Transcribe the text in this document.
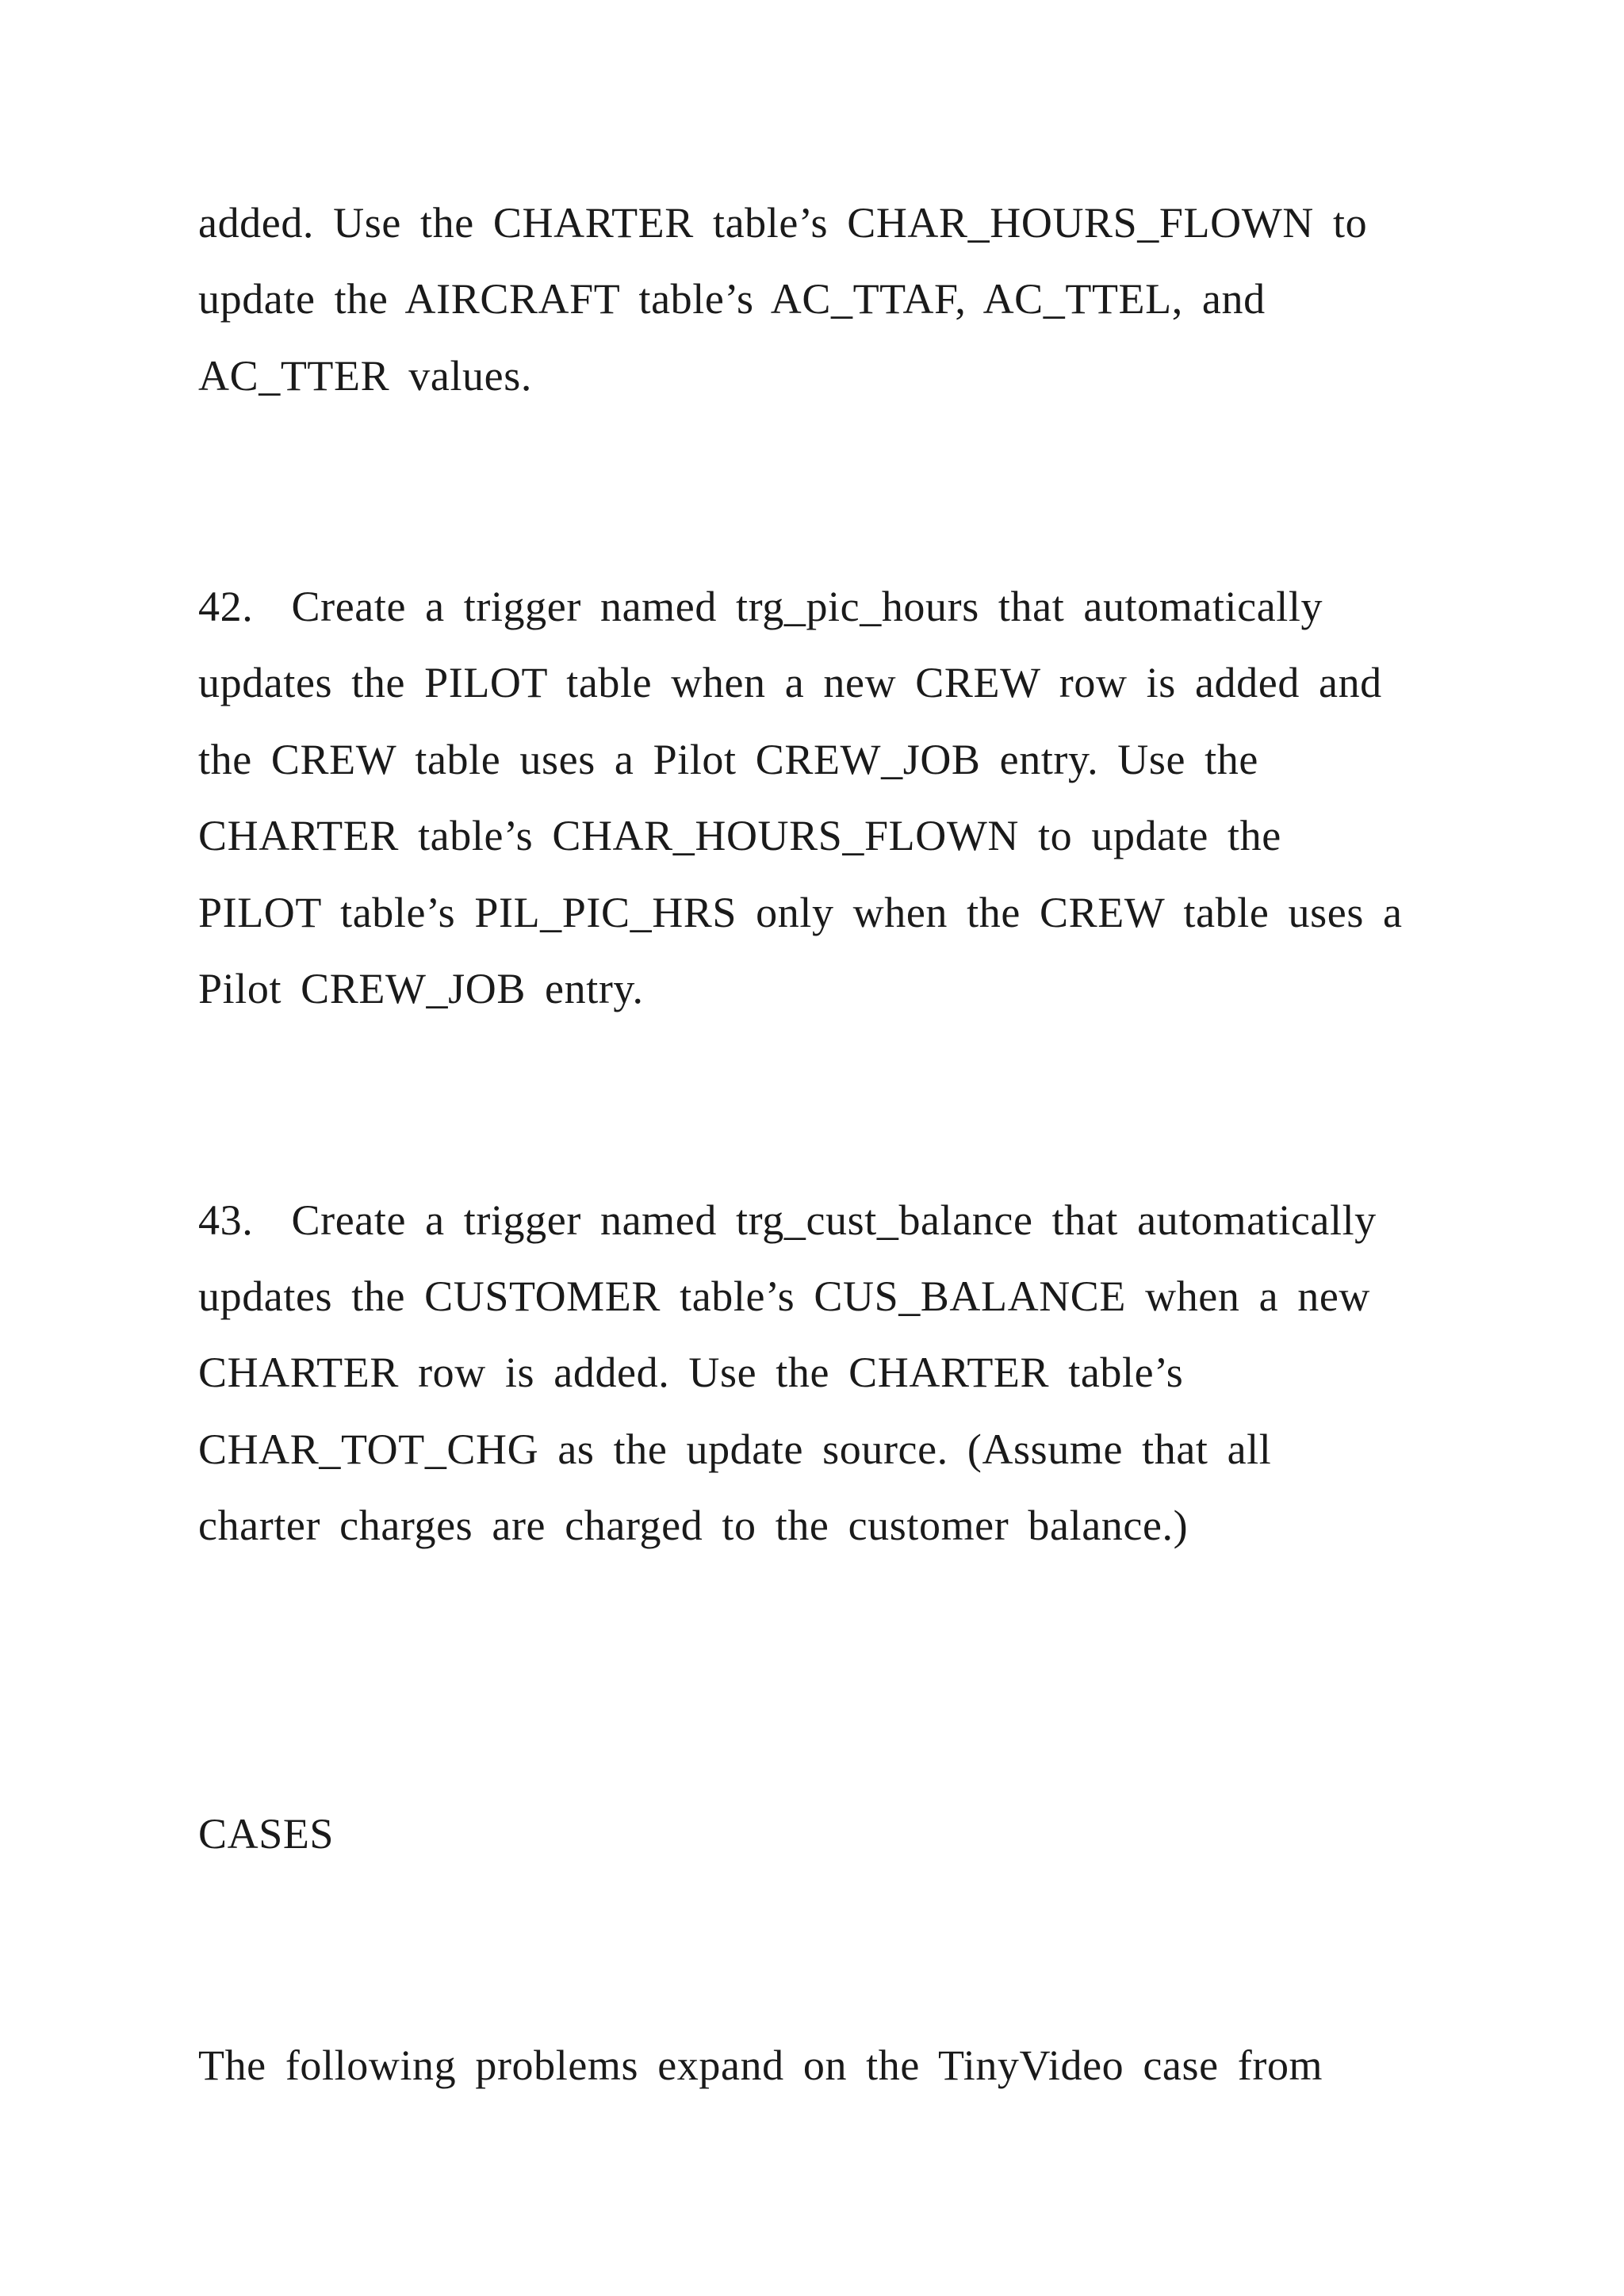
added. Use the CHARTER table’s CHAR_HOURS_FLOWN to
update the AIRCRAFT table’s AC_TTAF, AC_TTEL, and
AC_TTER values.
42.  Create a trigger named trg_pic_hours that automatically
updates the PILOT table when a new CREW row is added and
the CREW table uses a Pilot CREW_JOB entry. Use the
CHARTER table’s CHAR_HOURS_FLOWN to update the
PILOT table’s PIL_PIC_HRS only when the CREW table uses a
Pilot CREW_JOB entry.
43.  Create a trigger named trg_cust_balance that automatically
updates the CUSTOMER table’s CUS_BALANCE when a new
CHARTER row is added. Use the CHARTER table’s
CHAR_TOT_CHG as the update source. (Assume that all
charter charges are charged to the customer balance.)
CASES
The following problems expand on the TinyVideo case from
